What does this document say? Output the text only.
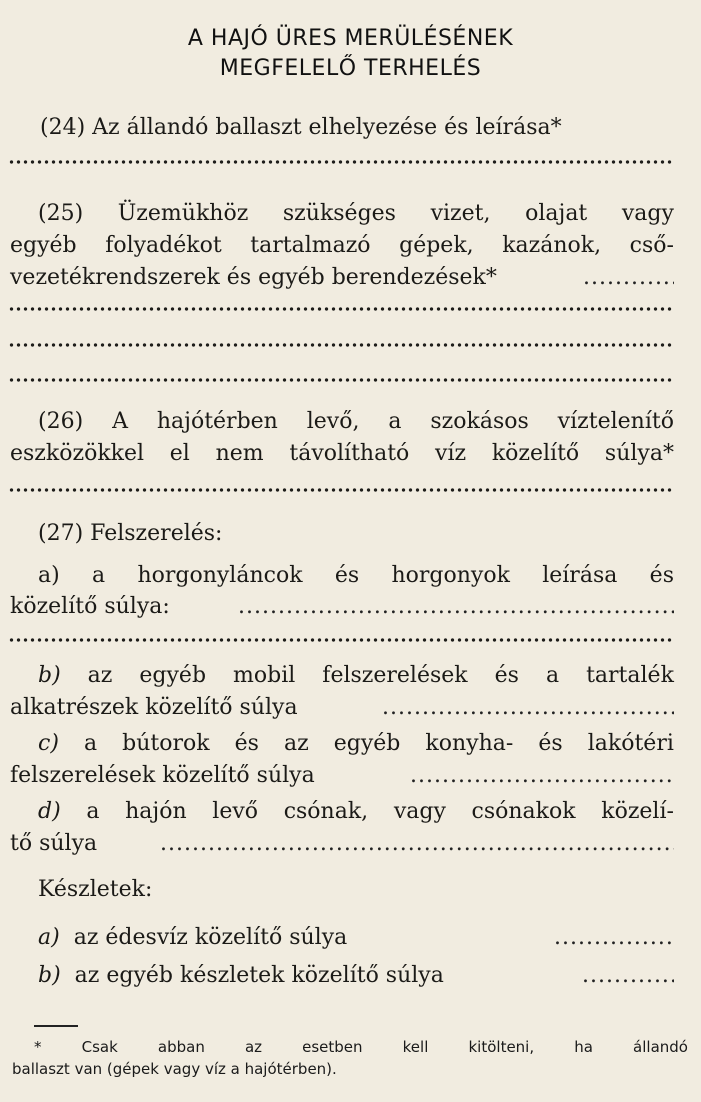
A HAJÓ ÜRES MERÜLÉSÉNEK
MEGFELELŐ TERHELÉS
(24) Az állandó ballaszt elhelyezése és leírása*
(25) Üzemükhöz szükséges vizet, olajat vagy
egyéb folyadékot tartalmazó gépek, kazánok, cső-
vezetékrendszerek és egyéb berendezések*
.....
(26) A hajótérben levő, a szokásos víztelenítő
eszközökkel el nem távolítható víz közelítő súlya*
(27) Felszerelés:
a) a horgonyláncok és horgonyok leírása és
közelítő súlya:
.....
b) az egyéb mobil felszerelések és a tartalék
alkatrészek közelítő súlya
.....
c) a bútorok és az egyéb konyha- és lakótéri
felszerelések közelítő súlya
.....
d) a hajón levő csónak, vagy csónakok közelí-
tő súlya
.....
Készletek:
a) az édesvíz közelítő súlya
.....
b) az egyéb készletek közelítő súlya
.....
*	Csak	abban	az	esetben	kell	kitölteni,	ha	állandó
ballaszt van (gépek vagy víz a hajótérben).
